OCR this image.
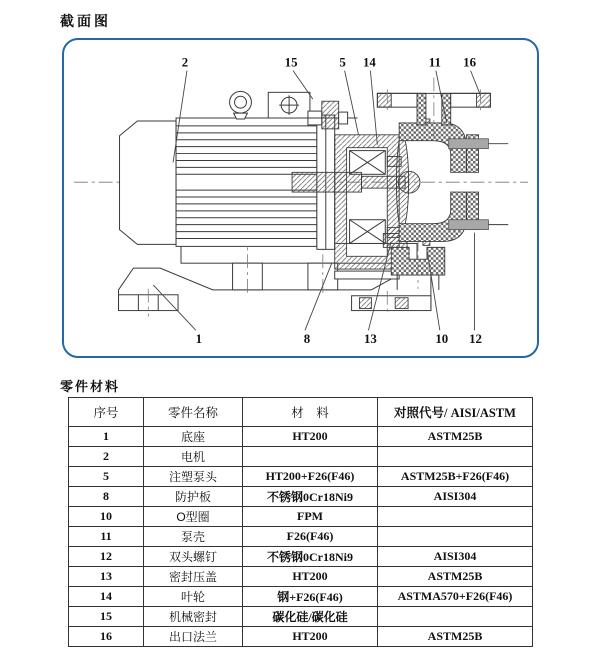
截面图
2	15	5 14	11 16
1	8	13	10 12
零件材料
序号	零件名称	材　料	对照代号/ AISI/ASTM
1	底座	HT200	ASTM25B
2	电机		
5	注塑泵头	HT200+F26(F46)	ASTM25B+F26(F46)
8	防护板	不锈钢0Cr18Ni9	AISI304
10	O型圈	FPM	
11	泵壳	F26(F46)	
12	双头螺钉	不锈钢0Cr18Ni9	AISI304
13	密封压盖	HT200	ASTM25B
14	叶轮	钢+F26(F46)	ASTMA570+F26(F46)
15	机械密封	碳化硅/碳化硅	
16	出口法兰	HT200	ASTM25B
